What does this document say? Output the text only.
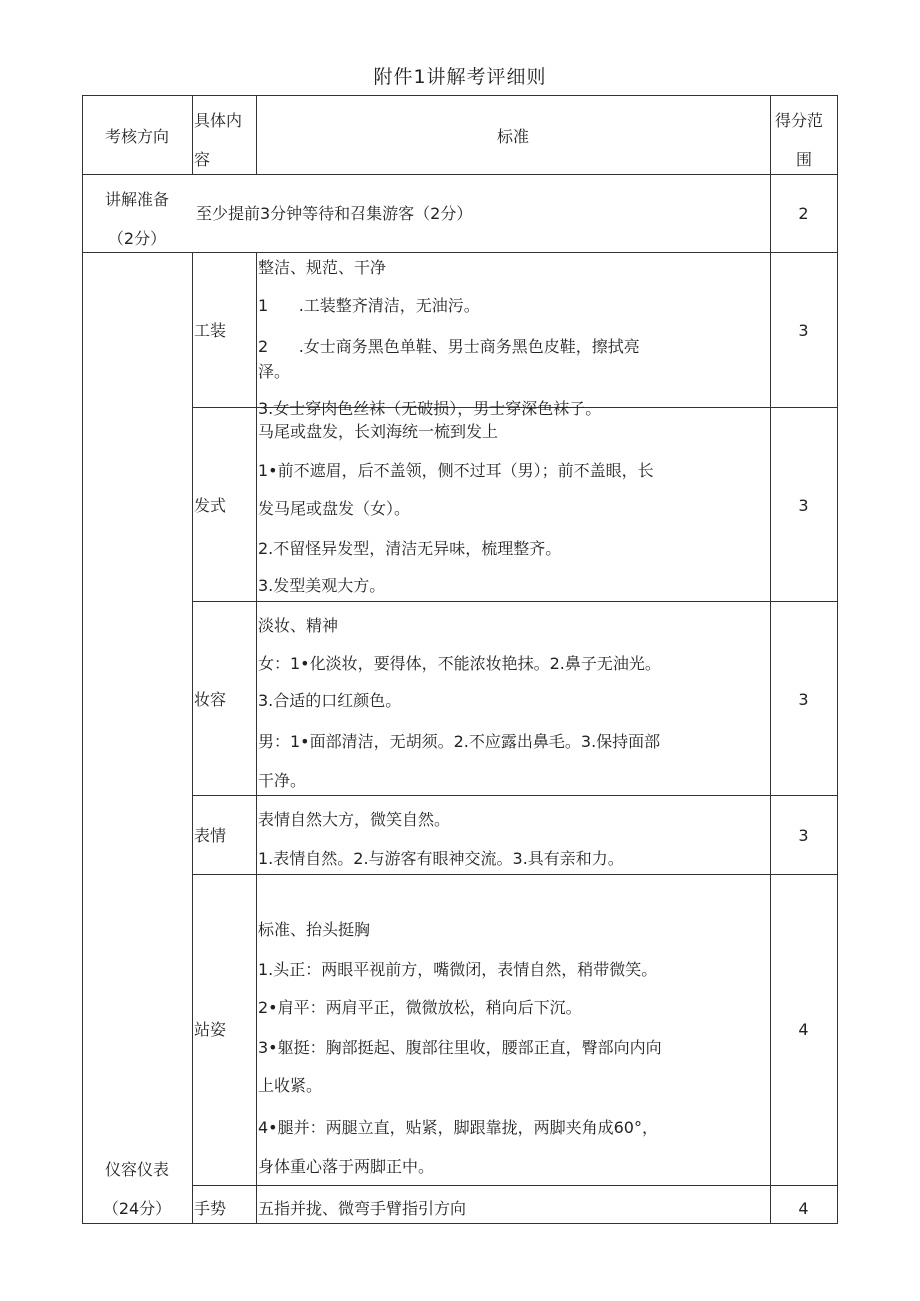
附件1讲解考评细则
考核方向
具体内
容
标准
得分范
围
讲解准备
（2分）
至少提前3分钟等待和召集游客（2分）	2
仪容仪表
（24分）
工装
整洁、规范、干净
1      .工装整齐清洁，无油污。
2      .女士商务黑色单鞋、男士商务黑色皮鞋，擦拭亮
泽。
3.女士穿肉色丝袜（无破损），男士穿深色袜子。
3
发式
马尾或盘发，长刘海统一梳到发上
1•前不遮眉，后不盖领，侧不过耳（男）；前不盖眼，长
发马尾或盘发（女）。
2.不留怪异发型，清洁无异味，梳理整齐。
3.发型美观大方。
3
妆容
淡妆、精神
女：1•化淡妆，要得体，不能浓妆艳抹。2.鼻子无油光。
3.合适的口红颜色。
男：1•面部清洁，无胡须。2.不应露出鼻毛。3.保持面部
干净。
3
表情
表情自然大方，微笑自然。
1.表情自然。2.与游客有眼神交流。3.具有亲和力。
3
站姿
标准、抬头挺胸
1.头正：两眼平视前方，嘴微闭，表情自然，稍带微笑。
2•肩平：两肩平正，微微放松，稍向后下沉。
3•躯挺：胸部挺起、腹部往里收，腰部正直，臀部向内向
上收紧。
4•腿并：两腿立直，贴紧，脚跟靠拢，两脚夹角成60°，
身体重心落于两脚正中。
4
手势 五指并拢、微弯手臂指引方向	4
